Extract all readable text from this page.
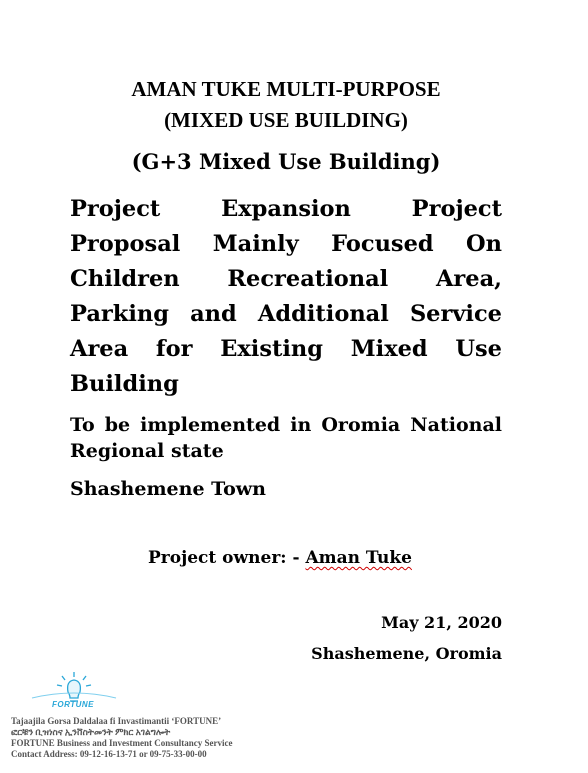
AMAN TUKE MULTI-PURPOSE
(MIXED USE BUILDING)
(G+3 Mixed Use Building)
Project Expansion Project Proposal Mainly Focused On Children Recreational Area, Parking and Additional Service Area for Existing Mixed Use Building
To be implemented in Oromia National Regional state
Shashemene Town
Project owner: - Aman Tuke
May 21, 2020
Shashemene, Oromia
FORTUNE
Tajaajila Gorsa Daldalaa fi Invastimantii ‘FORTUNE’
ፎርቹን ቢዝነስና ኢንቨስትመንት ምክር አገልግሎት
FORTUNE Business and Investment Consultancy Service
Contact Address: 09-12-16-13-71 or 09-75-33-00-00
